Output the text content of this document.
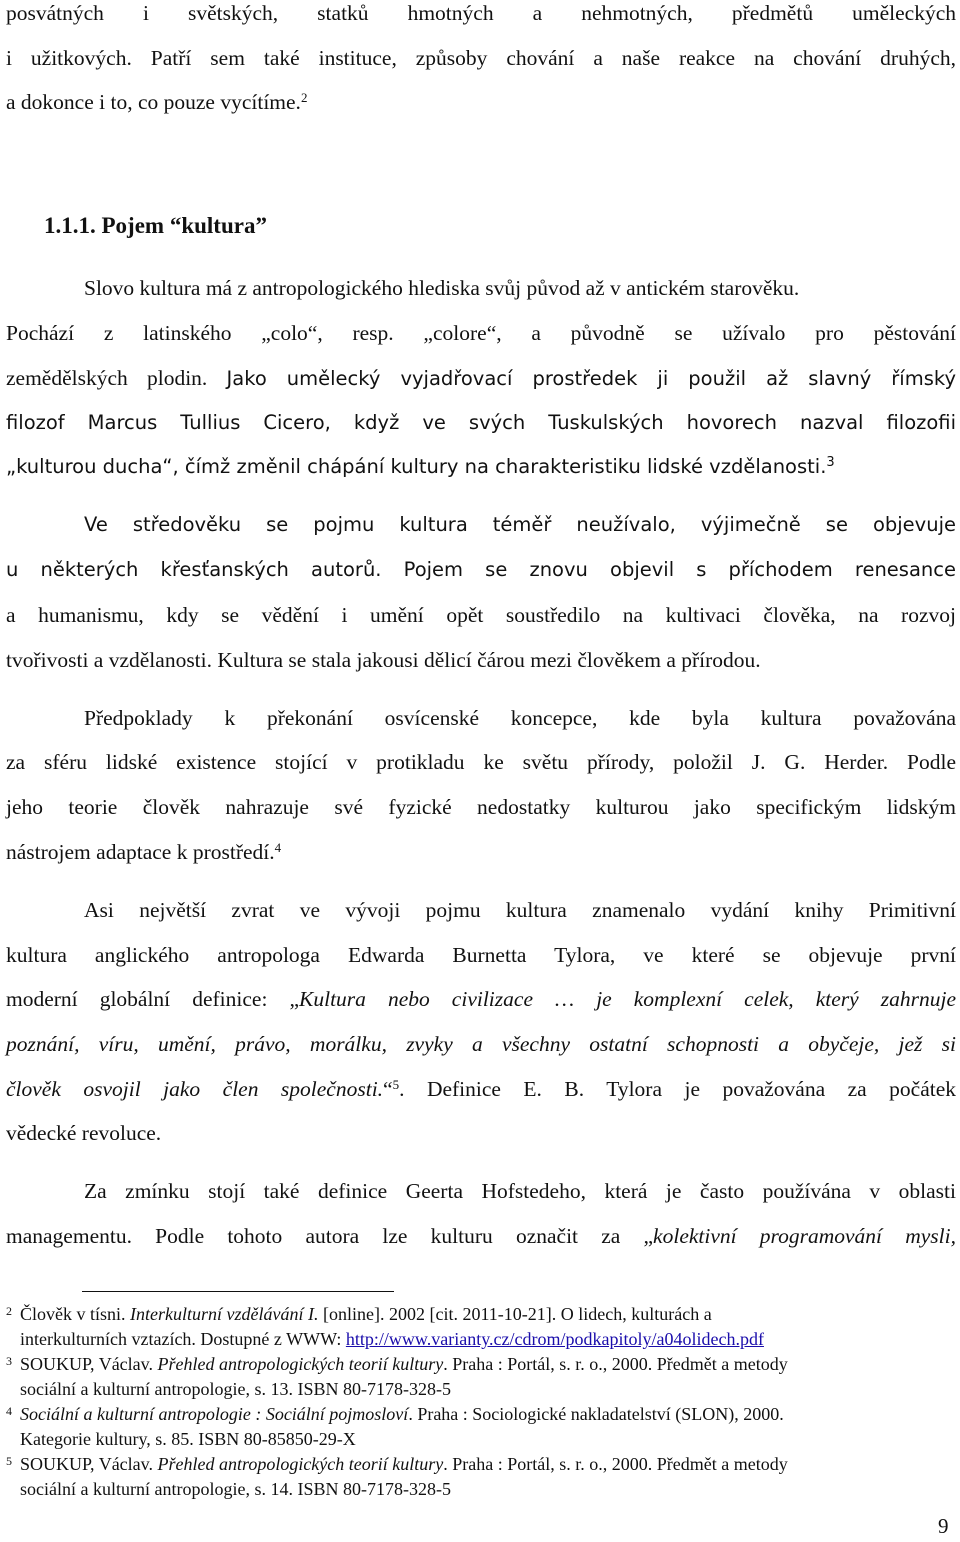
posvátných i světských, statků hmotných a nehmotných, předmětů uměleckých
i užitkových. Patří sem také instituce, způsoby chování a naše reakce na chování druhých,
a dokonce i to, co pouze vycítíme.$^2$
1.1.1. Pojem “kultura”
Slovo kultura má z antropologického hlediska svůj původ až v antickém starověku.
Pochází z latinského „colo“, resp. „colore“, a původně se užívalo pro pěstování
zemědělských plodin. Jako umělecký vyjadřovací prostředek ji použil až slavný římský
filozof Marcus Tullius Cicero, když ve svých Tuskulských hovorech nazval filozofii
„kulturou ducha“, čímž změnil chápání kultury na charakteristiku lidské vzdělanosti.$^3$
Ve středověku se pojmu kultura téměř neužívalo, výjimečně se objevuje
u některých křesťanských autorů. Pojem se znovu objevil s příchodem renesance
a humanismu, kdy se vědění i umění opět soustředilo na kultivaci člověka, na rozvoj
tvořivosti a vzdělanosti. Kultura se stala jakousi dělicí čárou mezi člověkem a přírodou.
Předpoklady k překonání osvícenské koncepce, kde byla kultura považována
za sféru lidské existence stojící v protikladu ke světu přírody, položil J. G. Herder. Podle
jeho teorie člověk nahrazuje své fyzické nedostatky kulturou jako specifickým lidským
nástrojem adaptace k prostředí.$^4$
Asi největší zvrat ve vývoji pojmu kultura znamenalo vydání knihy Primitivní
kultura anglického antropologa Edwarda Burnetta Tylora, ve které se objevuje první
moderní globální definice: „Kultura nebo civilizace … je komplexní celek, který zahrnuje
poznání, víru, umění, právo, morálku, zvyky a všechny ostatní schopnosti a obyčeje, jež si
člověk osvojil jako člen společnosti.“$^5$. Definice E. B. Tylora je považována za počátek
vědecké revoluce.
Za zmínku stojí také definice Geerta Hofstedeho, která je často používána v oblasti
managementu. Podle tohoto autora lze kulturu označit za „kolektivní programování mysli,
$^2$ Člověk v tísni. Interkulturní vzdělávání I. [online]. 2002 [cit. 2011-10-21]. O lidech, kulturách a
interkulturních vztazích. Dostupné z WWW: http://www.varianty.cz/cdrom/podkapitoly/a04olidech.pdf
$^3$ SOUKUP, Václav. Přehled antropologických teorií kultury. Praha : Portál, s. r. o., 2000. Předmět a metody
sociální a kulturní antropologie, s. 13. ISBN 80-7178-328-5
$^4$ Sociální a kulturní antropologie : Sociální pojmosloví. Praha : Sociologické nakladatelství (SLON), 2000.
Kategorie kultury, s. 85. ISBN 80-85850-29-X
$^5$ SOUKUP, Václav. Přehled antropologických teorií kultury. Praha : Portál, s. r. o., 2000. Předmět a metody
sociální a kulturní antropologie, s. 14. ISBN 80-7178-328-5
9
